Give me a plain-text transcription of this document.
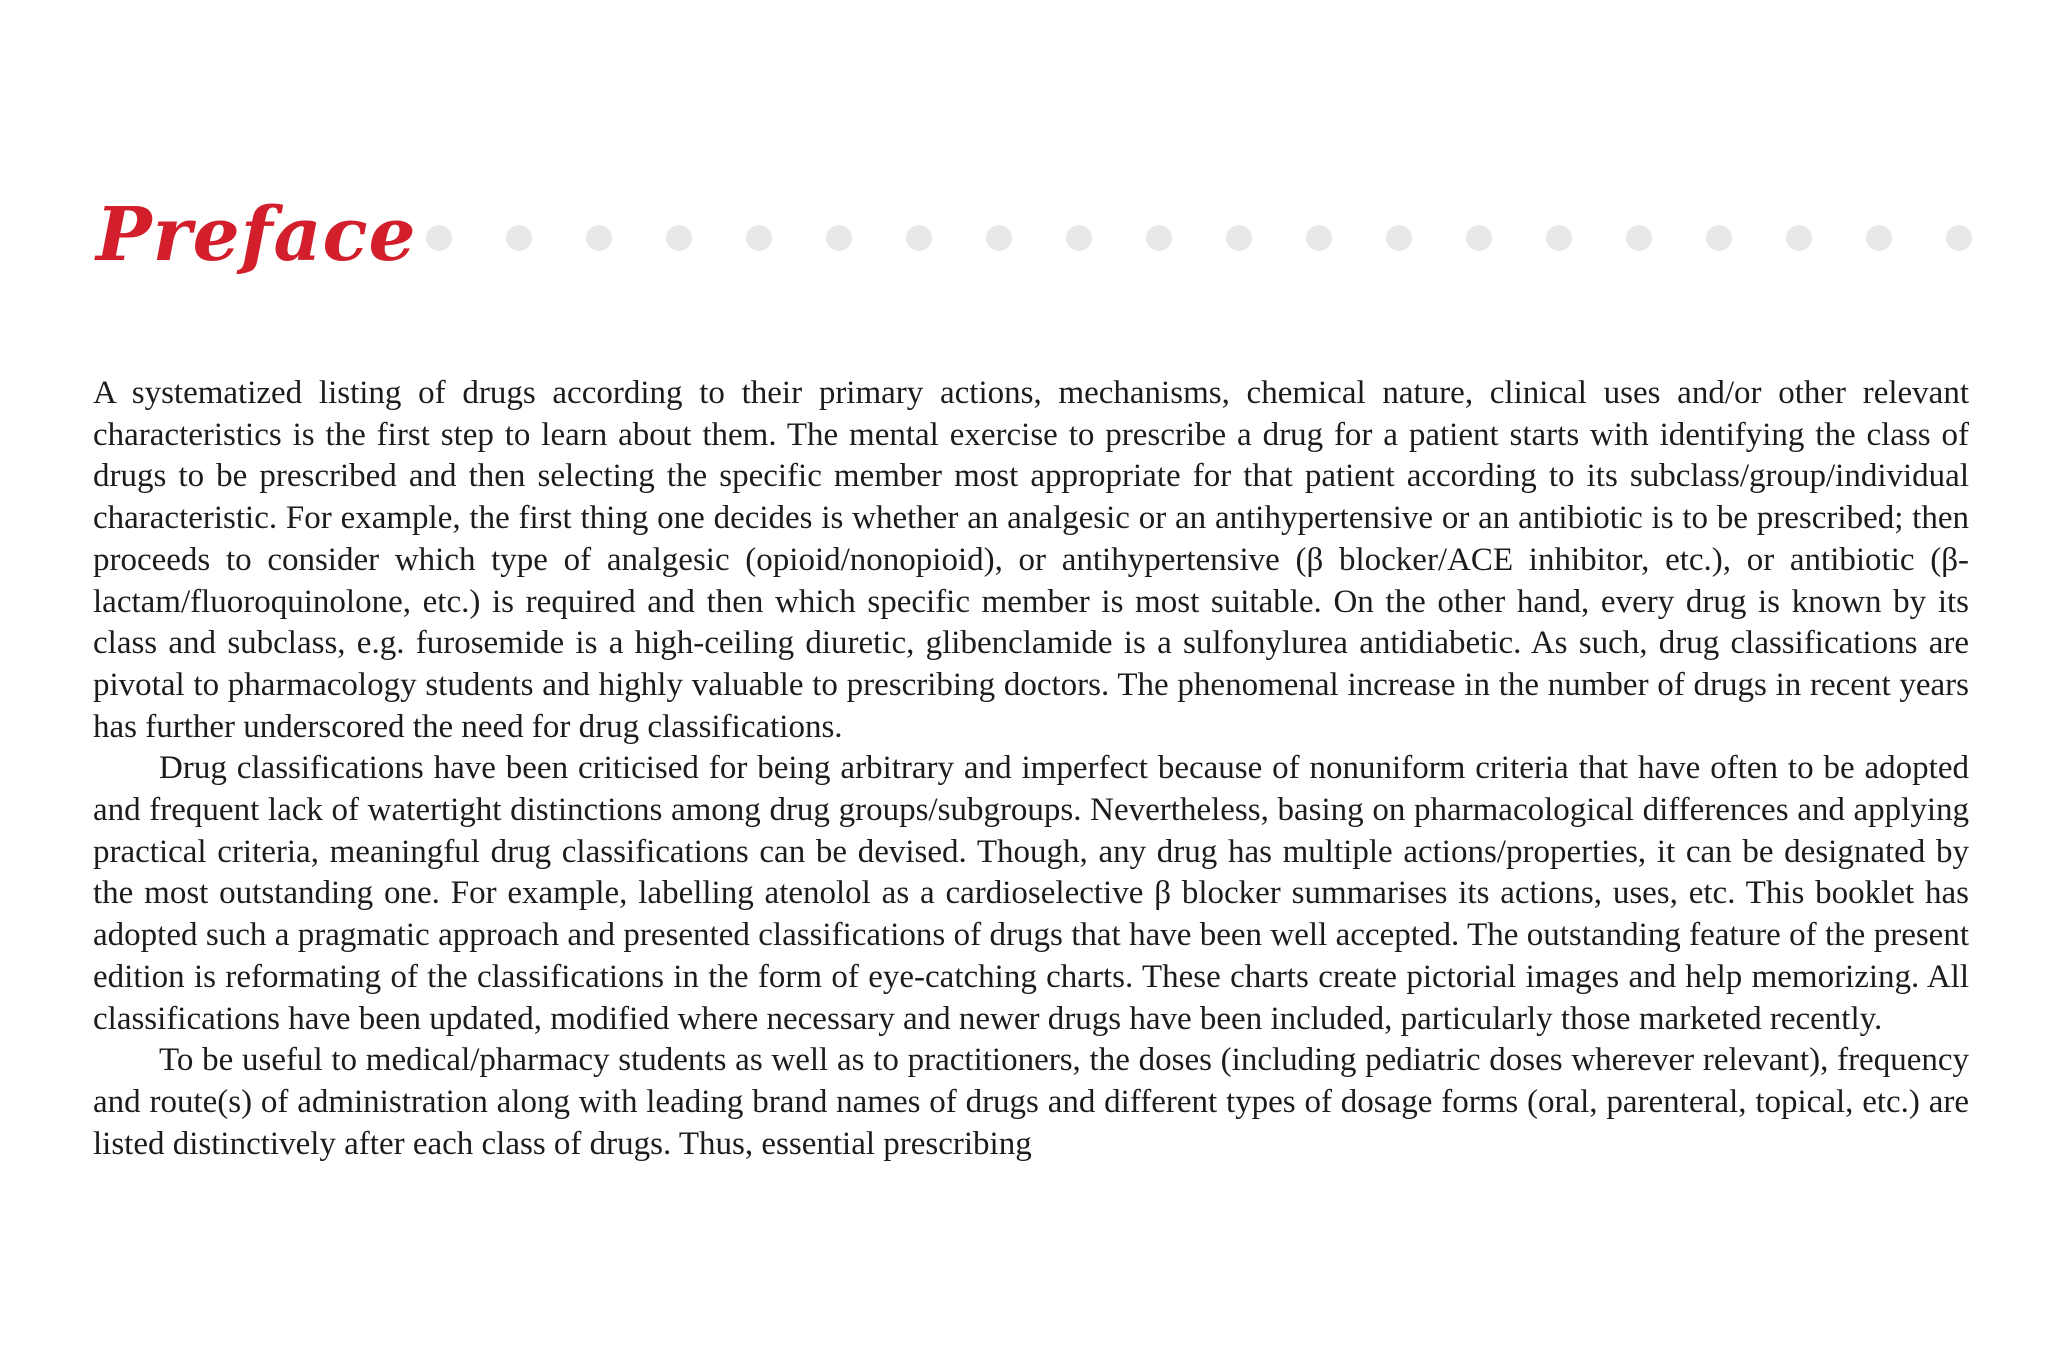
Preface

A systematized listing of drugs according to their primary actions, mechanisms, chemical nature, clinical uses and/or other relevant characteristics is the first step to learn about them. The mental exercise to prescribe a drug for a patient starts with identifying the class of drugs to be prescribed and then selecting the specific member most appropriate for that patient according to its subclass/group/individual characteristic. For example, the first thing one decides is whether an analgesic or an antihypertensive or an antibiotic is to be prescribed; then proceeds to consider which type of analgesic (opioid/nonopioid), or antihypertensive (β blocker/ACE inhibitor, etc.), or antibiotic (β-lactam/fluoroquinolone, etc.) is required and then which specific member is most suitable. On the other hand, every drug is known by its class and subclass, e.g. furosemide is a high-ceiling diuretic, glibenclamide is a sulfonylurea antidiabetic. As such, drug classifications are pivotal to pharmacology students and highly valuable to prescribing doctors. The phenomenal increase in the number of drugs in recent years has further underscored the need for drug classifications.

Drug classifications have been criticised for being arbitrary and imperfect because of nonuniform criteria that have often to be adopted and frequent lack of watertight distinctions among drug groups/subgroups. Nevertheless, basing on pharmacological differences and applying practical criteria, meaningful drug classifications can be devised. Though, any drug has multiple actions/properties, it can be designated by the most outstanding one. For example, labelling atenolol as a cardioselective β blocker summarises its actions, uses, etc. This booklet has adopted such a pragmatic approach and presented classifications of drugs that have been well accepted. The outstanding feature of the present edition is reformating of the classifications in the form of eye-catching charts. These charts create pictorial images and help memorizing. All classifications have been updated, modified where necessary and newer drugs have been included, particularly those marketed recently.

To be useful to medical/pharmacy students as well as to practitioners, the doses (including pediatric doses wherever relevant), frequency and route(s) of administration along with leading brand names of drugs and different types of dosage forms (oral, parenteral, topical, etc.) are listed distinctively after each class of drugs. Thus, essential prescribing
